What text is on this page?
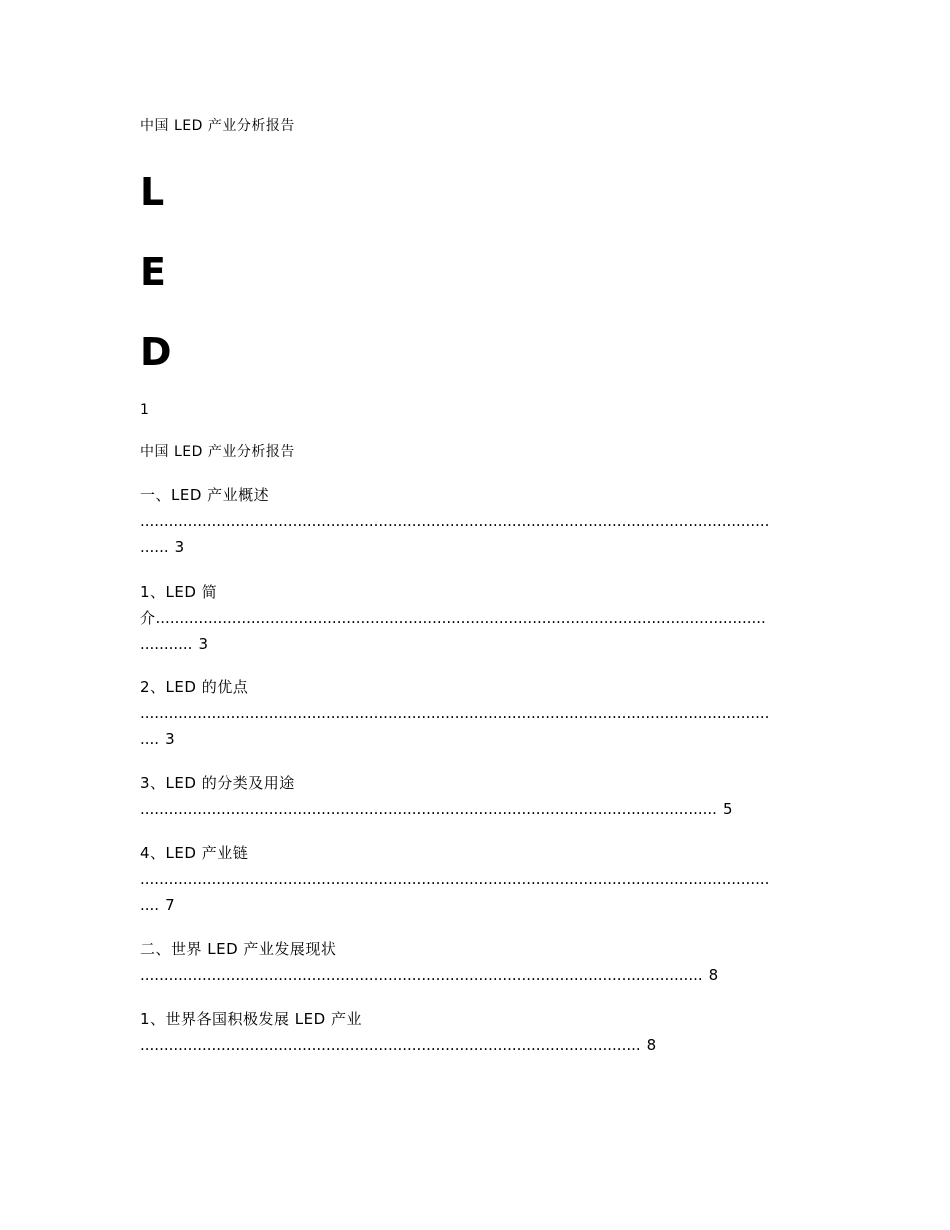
中国 LED 产业分析报告
L
E
D
1
中国 LED 产业分析报告
一、LED 产业概述
....................................................................................................................................
...... 3
1、LED 简
介................................................................................................................................
........... 3
2、LED 的优点
....................................................................................................................................
.... 3
3、LED 的分类及用途
......................................................................................................................... 5
4、LED 产业链
....................................................................................................................................
.... 7
二、世界 LED 产业发展现状
...................................................................................................................... 8
1、世界各国积极发展 LED 产业
......................................................................................................... 8
